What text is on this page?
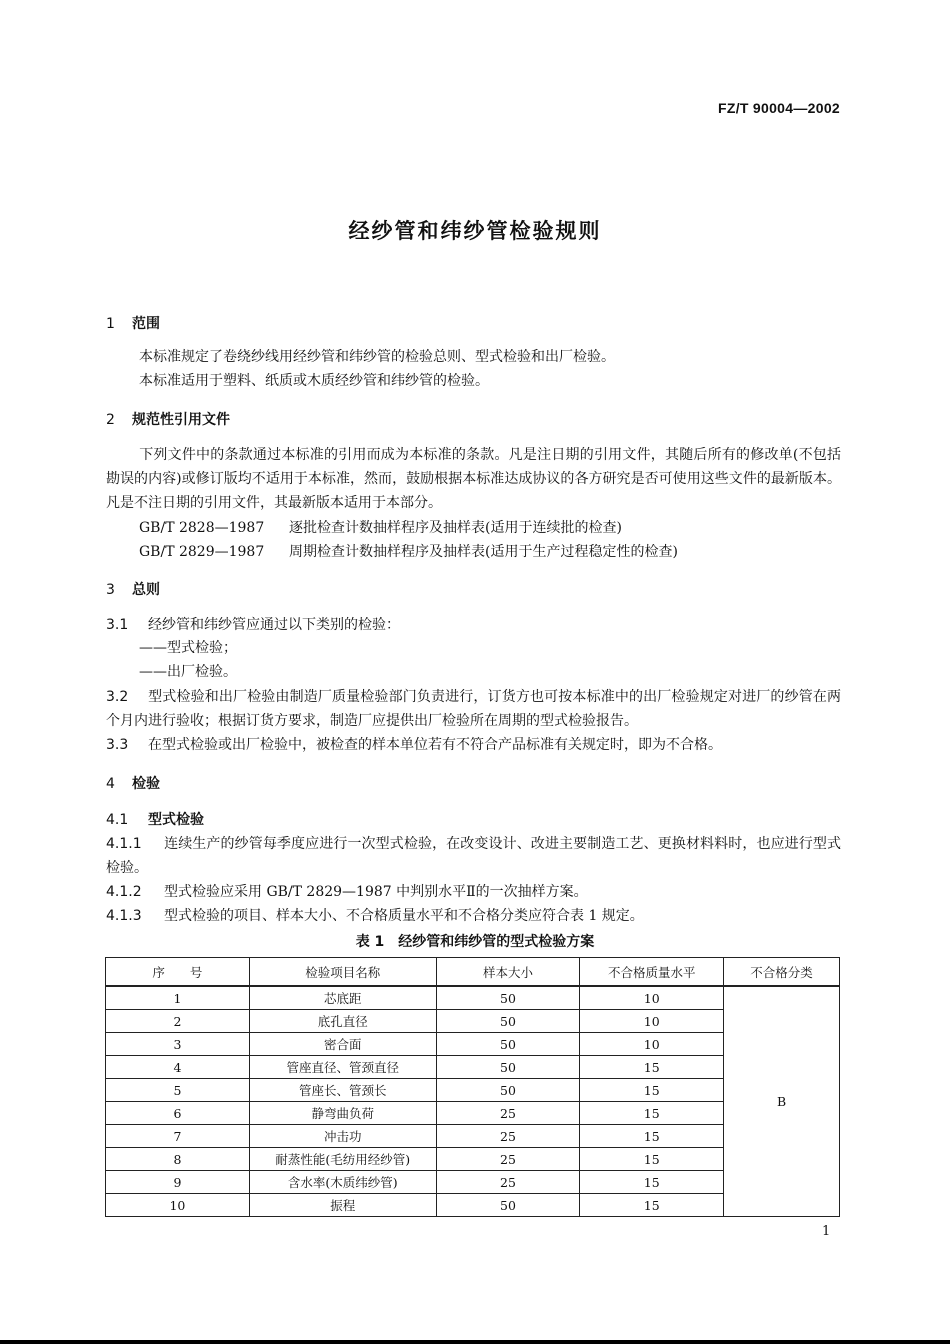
FZ/T 90004—2002
经纱管和纬纱管检验规则
1 范围
本标准规定了卷绕纱线用经纱管和纬纱管的检验总则、型式检验和出厂检验。
本标准适用于塑料、纸质或木质经纱管和纬纱管的检验。
2 规范性引用文件
下列文件中的条款通过本标准的引用而成为本标准的条款。凡是注日期的引用文件，其随后所有的修改单(不包括勘误的内容)或修订版均不适用于本标准，然而，鼓励根据本标准达成协议的各方研究是否可使用这些文件的最新版本。凡是不注日期的引用文件，其最新版本适用于本部分。
GB/T 2828—1987 逐批检查计数抽样程序及抽样表(适用于连续批的检查)
GB/T 2829—1987 周期检查计数抽样程序及抽样表(适用于生产过程稳定性的检查)
3 总则
3.1 经纱管和纬纱管应通过以下类别的检验：
——型式检验；
——出厂检验。
3.2 型式检验和出厂检验由制造厂质量检验部门负责进行，订货方也可按本标准中的出厂检验规定对进厂的纱管在两个月内进行验收；根据订货方要求，制造厂应提供出厂检验所在周期的型式检验报告。
3.3 在型式检验或出厂检验中，被检查的样本单位若有不符合产品标准有关规定时，即为不合格。
4 检验
4.1 型式检验
4.1.1 连续生产的纱管每季度应进行一次型式检验，在改变设计、改进主要制造工艺、更换材料料时，也应进行型式检验。
4.1.2 型式检验应采用 GB/T 2829—1987 中判别水平Ⅱ的一次抽样方案。
4.1.3 型式检验的项目、样本大小、不合格质量水平和不合格分类应符合表 1 规定。
表 1　经纱管和纬纱管的型式检验方案
序　　号	检验项目名称	样本大小	不合格质量水平	不合格分类
1	芯底距	50	10	B
2	底孔直径	50	10	
3	密合面	50	10	
4	管座直径、管颈直径	50	15	
5	管座长、管颈长	50	15	
6	静弯曲负荷	25	15	
7	冲击功	25	15	
8	耐蒸性能(毛纺用经纱管)	25	15	
9	含水率(木质纬纱管)	25	15	
10	振程	50	15	
1
